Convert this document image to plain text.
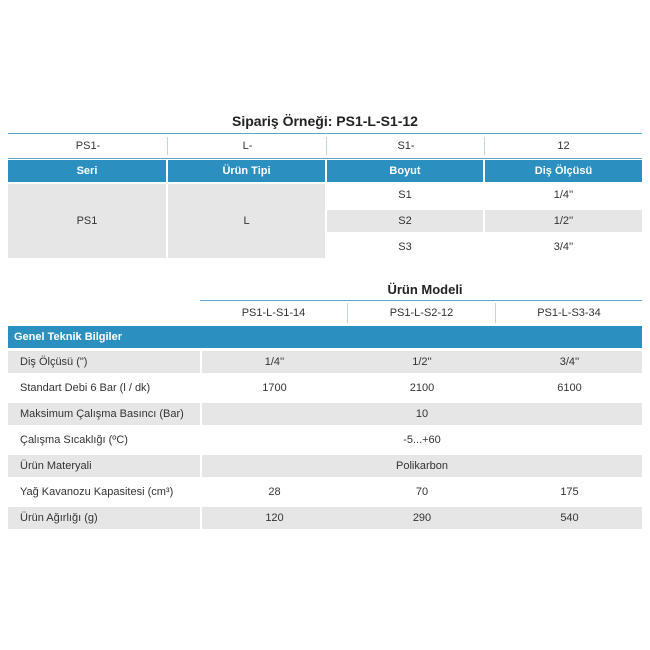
Sipariş Örneği: PS1-L-S1-12
PS1-	L-	S1-	12
Seri	Ürün Tipi	Boyut	Diş Ölçüsü
PS1	L
S1	1/4''
S2	1/2''
S3	3/4''
Ürün Modeli
PS1-L-S1-14	PS1-L-S2-12	PS1-L-S3-34
Genel Teknik Bilgiler
Diş Ölçüsü (")	1/4''	1/2''	3/4''
Standart Debi 6 Bar (l / dk)	1700	2100	6100
Maksimum Çalışma Basıncı (Bar)	10
Çalışma Sıcaklığı (ºC)	-5...+60
Ürün Materyali	Polikarbon
Yağ Kavanozu Kapasitesi (cm³)	28	70	175
Ürün Ağırlığı (g)	120	290	540
